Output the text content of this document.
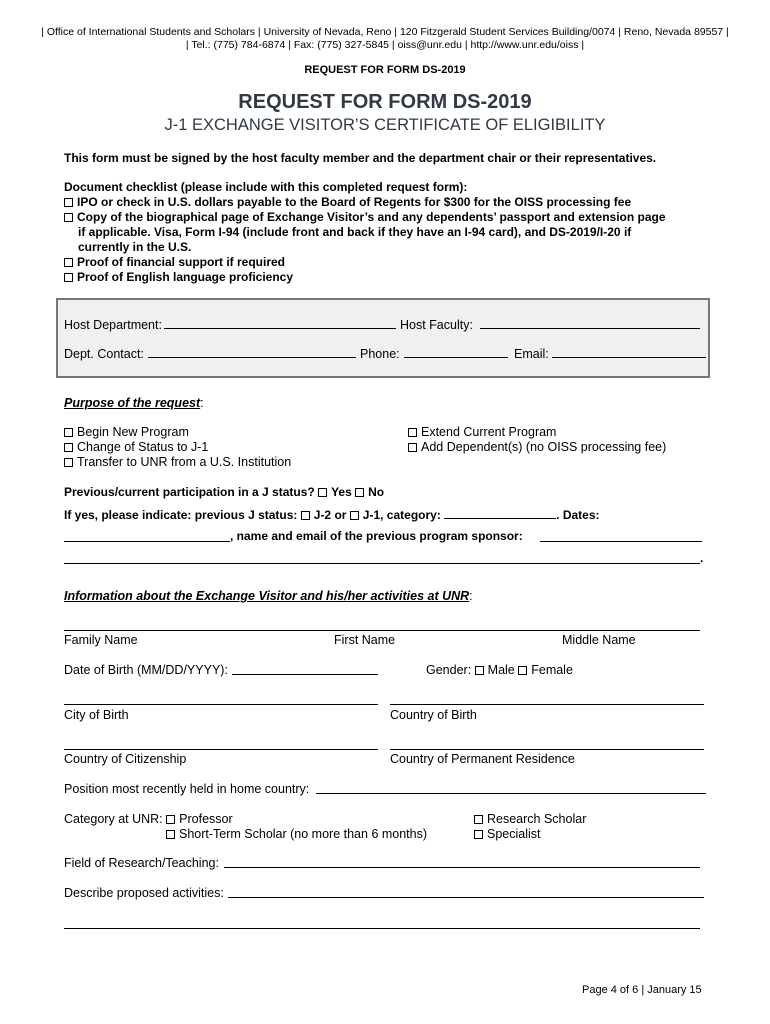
| Office of International Students and Scholars | University of Nevada, Reno | 120 Fitzgerald Student Services Building/0074 | Reno, Nevada 89557 |
| Tel.: (775) 784-6874 | Fax: (775) 327-5845 | oiss@unr.edu | http://www.unr.edu/oiss |
REQUEST FOR FORM DS-2019
REQUEST FOR FORM DS-2019
J-1 EXCHANGE VISITOR’S CERTIFICATE OF ELIGIBILITY
This form must be signed by the host faculty member and the department chair or their representatives.
Document checklist (please include with this completed request form):
IPO or check in U.S. dollars payable to the Board of Regents for $300 for the OISS processing fee
Copy of the biographical page of Exchange Visitor’s and any dependents’ passport and extension page
if applicable. Visa, Form I-94 (include front and back if they have an I-94 card), and DS-2019/I-20 if
currently in the U.S.
Proof of financial support if required
Proof of English language proficiency
Host Department:	Host Faculty:
Dept. Contact:	Phone:	Email:
Purpose of the request:
Begin New Program
Change of Status to J-1
Transfer to UNR from a U.S. Institution
Extend Current Program
Add Dependent(s) (no OISS processing fee)
Previous/current participation in a J status? Yes No
If yes, please indicate: previous J status: J-2 or J-1, category:	. Dates:
, name and email of the previous program sponsor:
.
Information about the Exchange Visitor and his/her activities at UNR:
Family Name	First Name	Middle Name
Date of Birth (MM/DD/YYYY):	Gender: Male Female
City of Birth	Country of Birth
Country of Citizenship	Country of Permanent Residence
Position most recently held in home country:
Category at UNR: Professor
Short-Term Scholar (no more than 6 months)
Research Scholar
Specialist
Field of Research/Teaching:
Describe proposed activities:
Page 4 of 6 | January 15
